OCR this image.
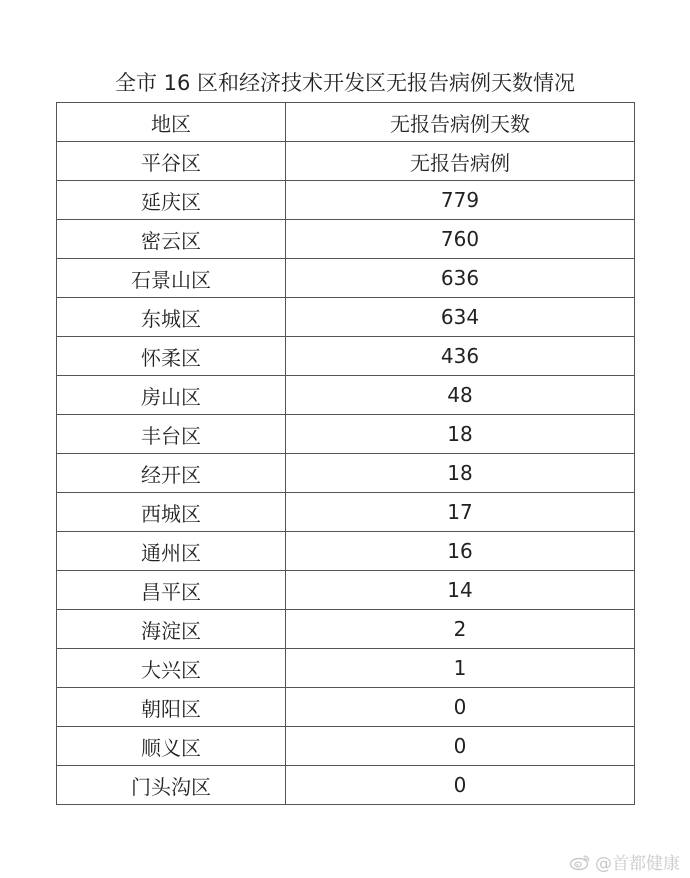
全市 16 区和经济技术开发区无报告病例天数情况
地区	无报告病例天数
平谷区	无报告病例
延庆区	779
密云区	760
石景山区	636
东城区	634
怀柔区	436
房山区	48
丰台区	18
经开区	18
西城区	17
通州区	16
昌平区	14
海淀区	2
大兴区	1
朝阳区	0
顺义区	0
门头沟区	0
@首都健康
